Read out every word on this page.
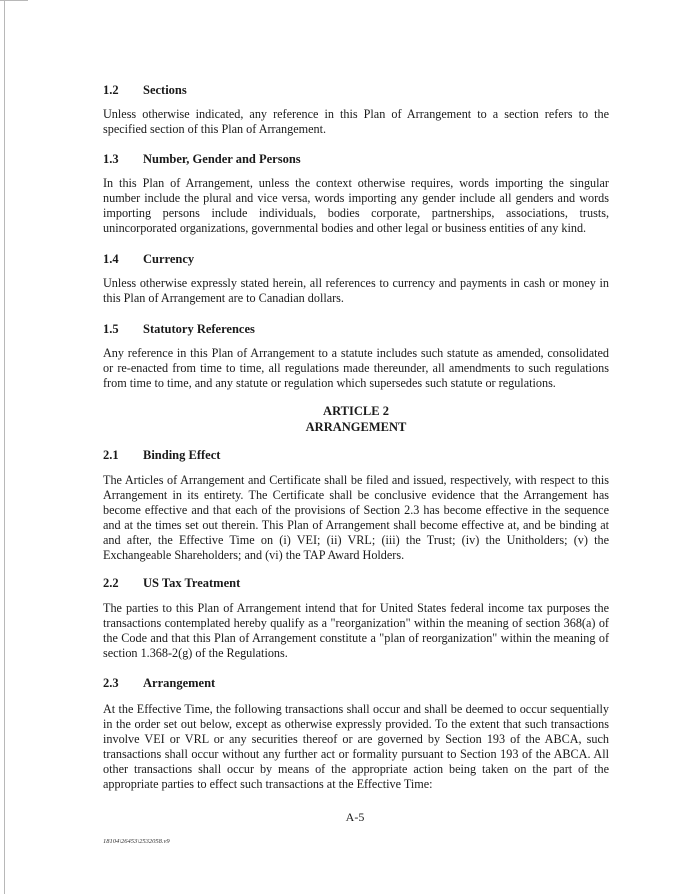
1.2 Sections

Unless otherwise indicated, any reference in this Plan of Arrangement to a section refers to the specified section of this Plan of Arrangement.

1.3 Number, Gender and Persons

In this Plan of Arrangement, unless the context otherwise requires, words importing the singular number include the plural and vice versa, words importing any gender include all genders and words importing persons include individuals, bodies corporate, partnerships, associations, trusts, unincorporated organizations, governmental bodies and other legal or business entities of any kind.

1.4 Currency

Unless otherwise expressly stated herein, all references to currency and payments in cash or money in this Plan of Arrangement are to Canadian dollars.

1.5 Statutory References

Any reference in this Plan of Arrangement to a statute includes such statute as amended, consolidated or re-enacted from time to time, all regulations made thereunder, all amendments to such regulations from time to time, and any statute or regulation which supersedes such statute or regulations.

ARTICLE 2
ARRANGEMENT
2.1 Binding Effect

The Articles of Arrangement and Certificate shall be filed and issued, respectively, with respect to this Arrangement in its entirety. The Certificate shall be conclusive evidence that the Arrangement has become effective and that each of the provisions of Section 2.3 has become effective in the sequence and at the times set out therein. This Plan of Arrangement shall become effective at, and be binding at and after, the Effective Time on (i) VEI; (ii) VRL; (iii) the Trust; (iv) the Unitholders; (v) the Exchangeable Shareholders; and (vi) the TAP Award Holders.

2.2 US Tax Treatment

The parties to this Plan of Arrangement intend that for United States federal income tax purposes the transactions contemplated hereby qualify as a "reorganization" within the meaning of section 368(a) of the Code and that this Plan of Arrangement constitute a "plan of reorganization" within the meaning of section 1.368-2(g) of the Regulations.

2.3 Arrangement

At the Effective Time, the following transactions shall occur and shall be deemed to occur sequentially in the order set out below, except as otherwise expressly provided. To the extent that such transactions involve VEI or VRL or any securities thereof or are governed by Section 193 of the ABCA, such transactions shall occur without any further act or formality pursuant to Section 193 of the ABCA. All other transactions shall occur by means of the appropriate action being taken on the part of the appropriate parties to effect such transactions at the Effective Time:

A-5
18104\26453\2532058.v9
